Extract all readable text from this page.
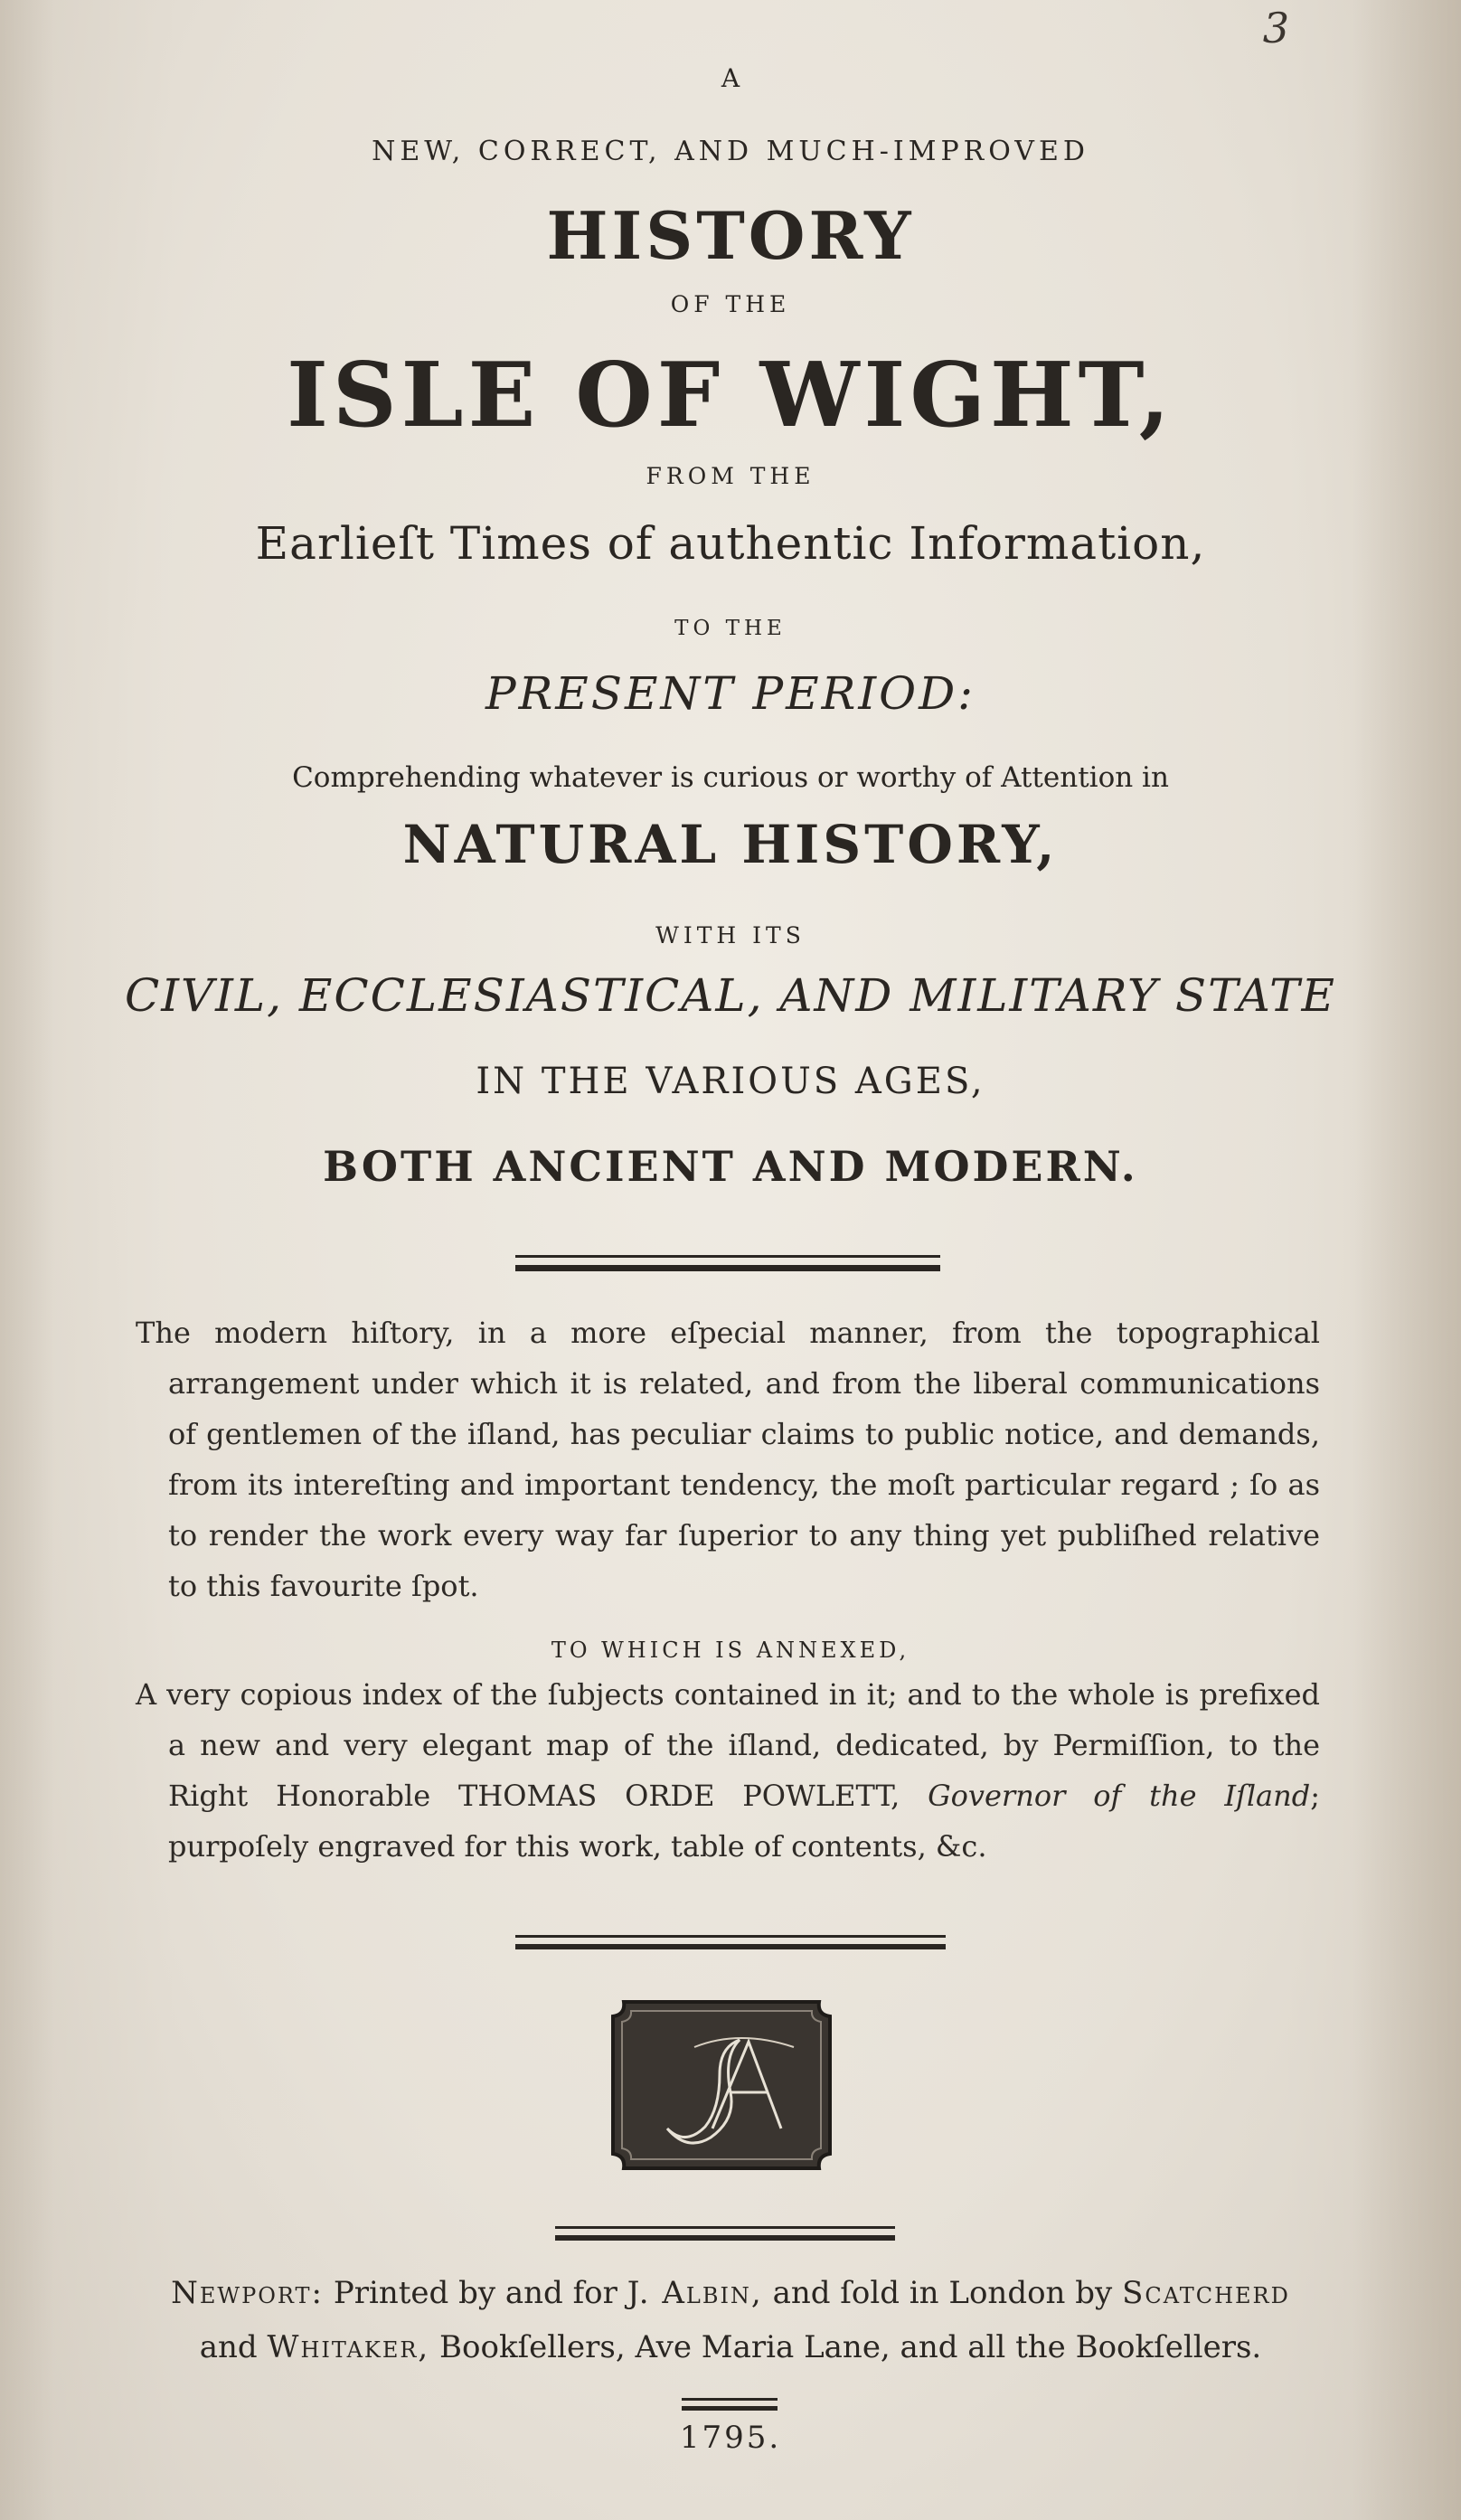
3
A
NEW, CORRECT, AND MUCH-IMPROVED
HISTORY
OF THE
ISLE OF WIGHT,
FROM THE
Earlieſt Times of authentic Information,
TO THE
PRESENT PERIOD:
Comprehending whatever is curious or worthy of Attention in
NATURAL HISTORY,
WITH ITS
CIVIL, ECCLESIASTICAL, AND MILITARY STATE
IN THE VARIOUS AGES,
BOTH ANCIENT AND MODERN.

The modern hiſtory, in a more eſpecial manner, from the topographical arrangement under which it is related, and from the liberal communications of gentlemen of the iſland, has peculiar claims to public notice, and demands, from its intereſting and important tendency, the moſt particular regard ; ſo as to render the work every way far ſuperior to any thing yet publiſhed relative to this favourite ſpot.

TO WHICH IS ANNEXED,

A very copious index of the ſubjects contained in it; and to the whole is prefixed a new and very elegant map of the iſland, dedicated, by Permiſſion, to the Right Honorable THOMAS ORDE POWLETT, Governor of the Iſland; purpoſely engraved for this work, table of contents, &c.

Newport: Printed by and for J. Albin, and ſold in London by Scatcherd

and Whitaker, Bookſellers, Ave Maria Lane, and all the Bookſellers.

1795.
